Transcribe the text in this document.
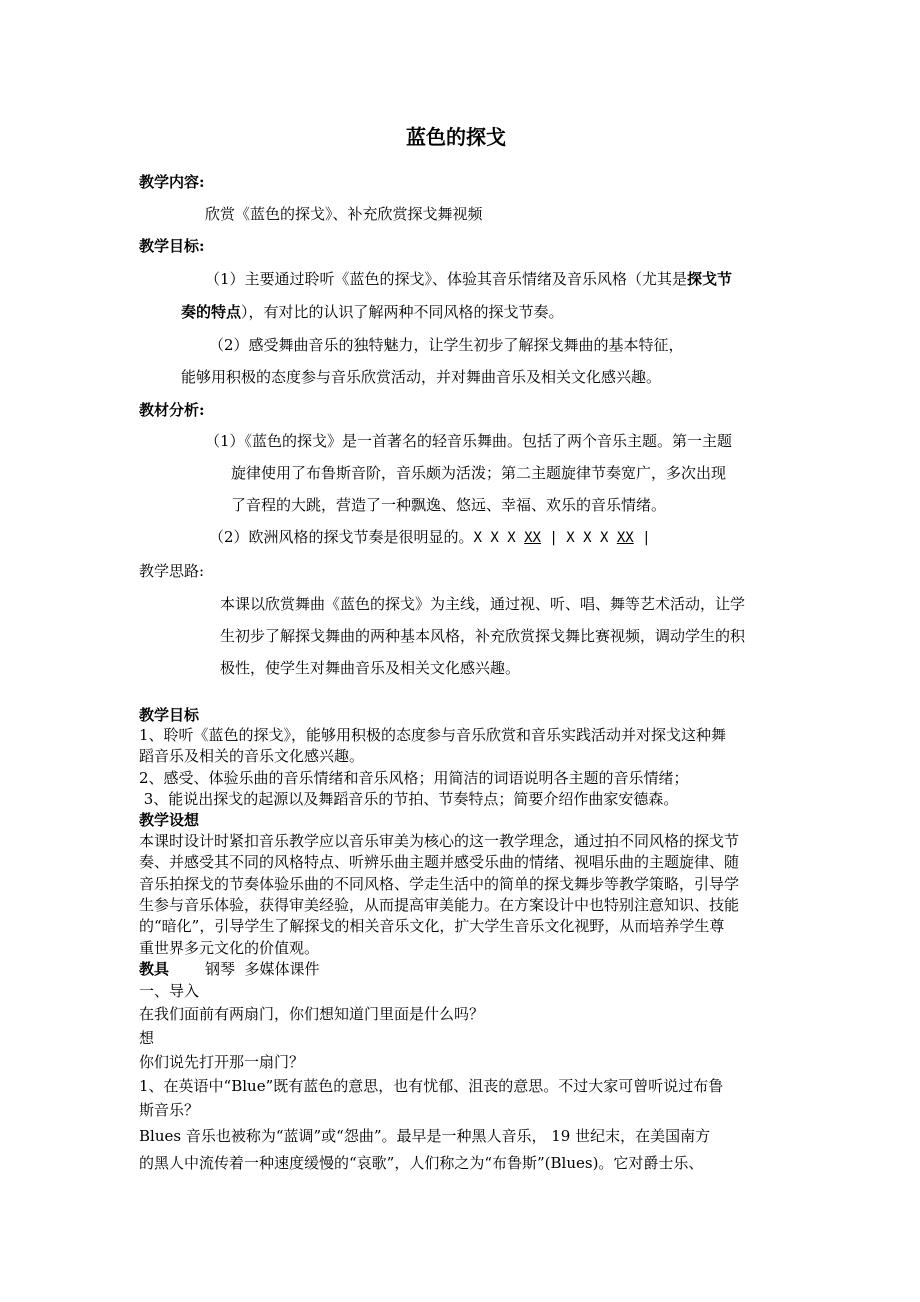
蓝色的探戈
教学内容:
欣赏《蓝色的探戈》、补充欣赏探戈舞视频
教学目标:
（1）主要通过聆听《蓝色的探戈》、体验其音乐情绪及音乐风格（尤其是探戈节
奏的特点），有对比的认识了解两种不同风格的探戈节奏。
（2）感受舞曲音乐的独特魅力，让学生初步了解探戈舞曲的基本特征，
能够用积极的态度参与音乐欣赏活动，并对舞曲音乐及相关文化感兴趣。
教材分析:
（1）《蓝色的探戈》是一首著名的轻音乐舞曲。包括了两个音乐主题。第一主题
旋律使用了布鲁斯音阶，音乐颇为活泼；第二主题旋律节奏宽广，多次出现
了音程的大跳，营造了一种飘逸、悠远、幸福、欢乐的音乐情绪。
（2）欧洲风格的探戈节奏是很明显的。X X X XX | X X X XX |
教学思路:
本课以欣赏舞曲《蓝色的探戈》为主线，通过视、听、唱、舞等艺术活动，让学
生初步了解探戈舞曲的两种基本风格，补充欣赏探戈舞比赛视频，调动学生的积
极性，使学生对舞曲音乐及相关文化感兴趣。
教学目标
1、聆听《蓝色的探戈》，能够用积极的态度参与音乐欣赏和音乐实践活动并对探戈这种舞
蹈音乐及相关的音乐文化感兴趣。
2、感受、体验乐曲的音乐情绪和音乐风格；用简洁的词语说明各主题的音乐情绪；
3、能说出探戈的起源以及舞蹈音乐的节拍、节奏特点；简要介绍作曲家安德森。
教学设想
本课时设计时紧扣音乐教学应以音乐审美为核心的这一教学理念，通过拍不同风格的探戈节
奏、并感受其不同的风格特点、听辨乐曲主题并感受乐曲的情绪、视唱乐曲的主题旋律、随
音乐拍探戈的节奏体验乐曲的不同风格、学走生活中的简单的探戈舞步等教学策略，引导学
生参与音乐体验，获得审美经验，从而提高审美能力。在方案设计中也特别注意知识、技能
的“暗化”，引导学生了解探戈的相关音乐文化，扩大学生音乐文化视野，从而培养学生尊
重世界多元文化的价值观。
教具 钢琴  多媒体课件
一、导入
在我们面前有两扇门，你们想知道门里面是什么吗？
想
你们说先打开那一扇门？
1、在英语中“Blue”既有蓝色的意思，也有忧郁、沮丧的意思。不过大家可曾听说过布鲁
斯音乐？
Blues 音乐也被称为“蓝调”或“怨曲”。最早是一种黑人音乐， 19 世纪末，在美国南方
的黑人中流传着一种速度缓慢的“哀歌”，人们称之为“布鲁斯”(Blues)。它对爵士乐、
